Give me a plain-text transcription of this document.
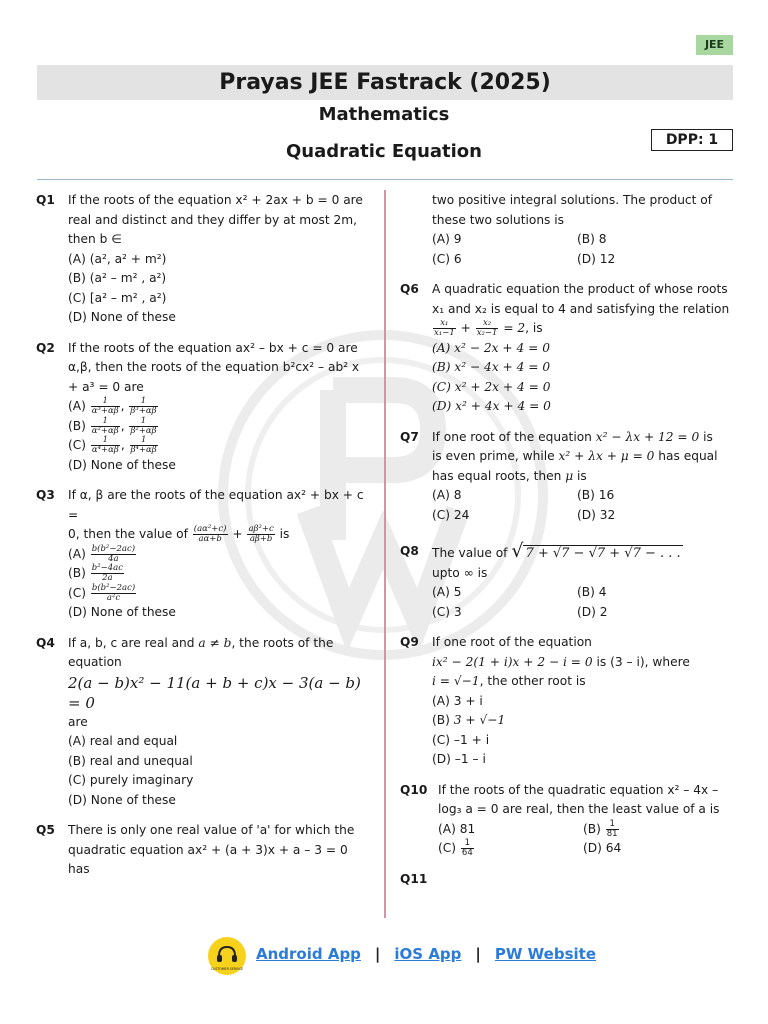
JEE
Prayas JEE Fastrack (2025)
Mathematics
Quadratic Equation
DPP: 1
Q1 If the roots of the equation x² + 2ax + b = 0 are real and distinct and they differ by at most 2m, then b ∈
(A) (a², a² + m²)
(B) (a² – m² , a²)
(C) [a² – m² , a²)
(D) None of these
Q2 If the roots of the equation ax² – bx + c = 0 are α,β, then the roots of the equation b²cx² – ab² x + a³ = 0 are
$(A) \frac{1}{\text{α³+αβ}}$ , $\frac{1}{\text{β³+αβ}}$
$(B) \frac{1}{\text{α²+αβ}}$ , $\frac{1}{\text{β²+αβ}}$
$(C) \frac{1}{\text{α⁴+αβ}}$ , $\frac{1}{\text{β⁴+αβ}}$
(D) None of these
Q3 If α, β are the roots of the equation ax² + bx + c =
0, then the value of $\frac{\text{(aα²+c)}}{a\alpha+b} + \frac{\text{aβ²+c}}{a\beta+b}$ is
$(A) \frac{\text{b(b²−2ac)}}{4a}$
$(B) \frac{\text{b²−4ac}}{2a}$
$(C) \frac{\text{b(b²−2ac)}}{\text{a²c}}$
(D) None of these
Q4 If a, b, c are real and a ≠ b, the roots of the equation
2(a − b)x² − 11(a + b + c)x − 3(a − b)
= 0
are
(A) real and equal
(B) real and unequal
(C) purely imaginary
(D) None of these
Q5 There is only one real value of 'a' for which the quadratic equation ax² + (a + 3)x + a – 3 = 0 has
two positive integral solutions. The product of these two solutions is
(A) 9	(B) 8
(C) 6	(D) 12
Q6 A quadratic equation the product of whose roots x₁ and x₂ is equal to 4 and satisfying the relation
$\frac{\text{x₁}}{\text{x₁−1}} + \frac{\text{x₂}}{\text{x₂−1}} = 2$, is
(A) x² − 2x + 4 = 0
(B) x² − 4x + 4 = 0
(C) x² + 2x + 4 = 0
(D) x² + 4x + 4 = 0
Q7 If one root of the equation x² − λx + 12 = 0 is
is even prime, while x² + λx + μ = 0 has equal
has equal roots, then μ is
(A) 8	(B) 16
(C) 24	(D) 32
Q8 The value of √ 7 + √7 − √7 + √7 − . . .
upto ∞ is
(A) 5	(B) 4
(C) 3	(D) 2
Q9 If one root of the equation
ix² − 2(1 + i)x + 2 − i = 0 is (3 – i), where
i = √−1, the other root is
(A) 3 + i
(B) 3 + √−1
(C) –1 + i
(D) –1 – i
Q10 If the roots of the quadratic equation x² – 4x – log₃ a = 0 are real, then the least value of a is
(A) 81	$(B) \frac{1}{81}$
$(C) \frac{1}{64}$	(D) 64
Q11
CUSTOMER SERVICE
Android App | iOS App | PW Website
